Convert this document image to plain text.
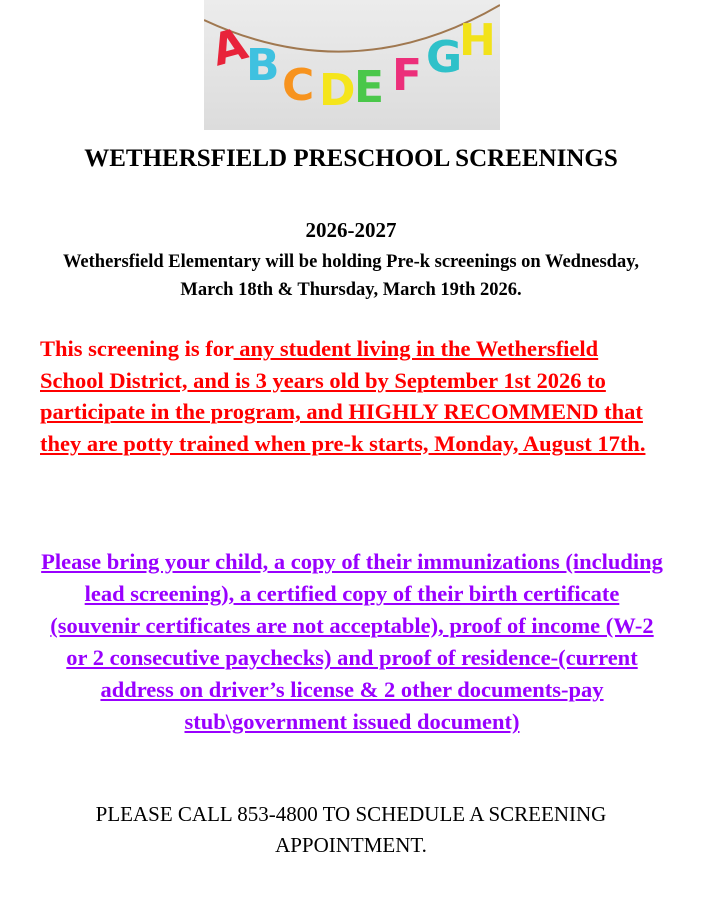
A
B C D
E F G
H
WETHERSFIELD PRESCHOOL SCREENINGS
2026-2027
Wethersfield Elementary will be holding Pre-k screenings on Wednesday, March 18th & Thursday, March 19th 2026.
This screening is for any student living in the Wethersfield School District, and is 3 years old by September 1st 2026 to participate in the program, and HIGHLY RECOMMEND that they are potty trained when pre-k starts, Monday, August 17th.
Please bring your child, a copy of their immunizations (including lead screening), a certified copy of their birth certificate (souvenir certificates are not acceptable), proof of income (W-2 or 2 consecutive paychecks) and proof of residence-(current address on driver’s license & 2 other documents-pay stub\government issued document)
PLEASE CALL 853-4800 TO SCHEDULE A SCREENING APPOINTMENT.
